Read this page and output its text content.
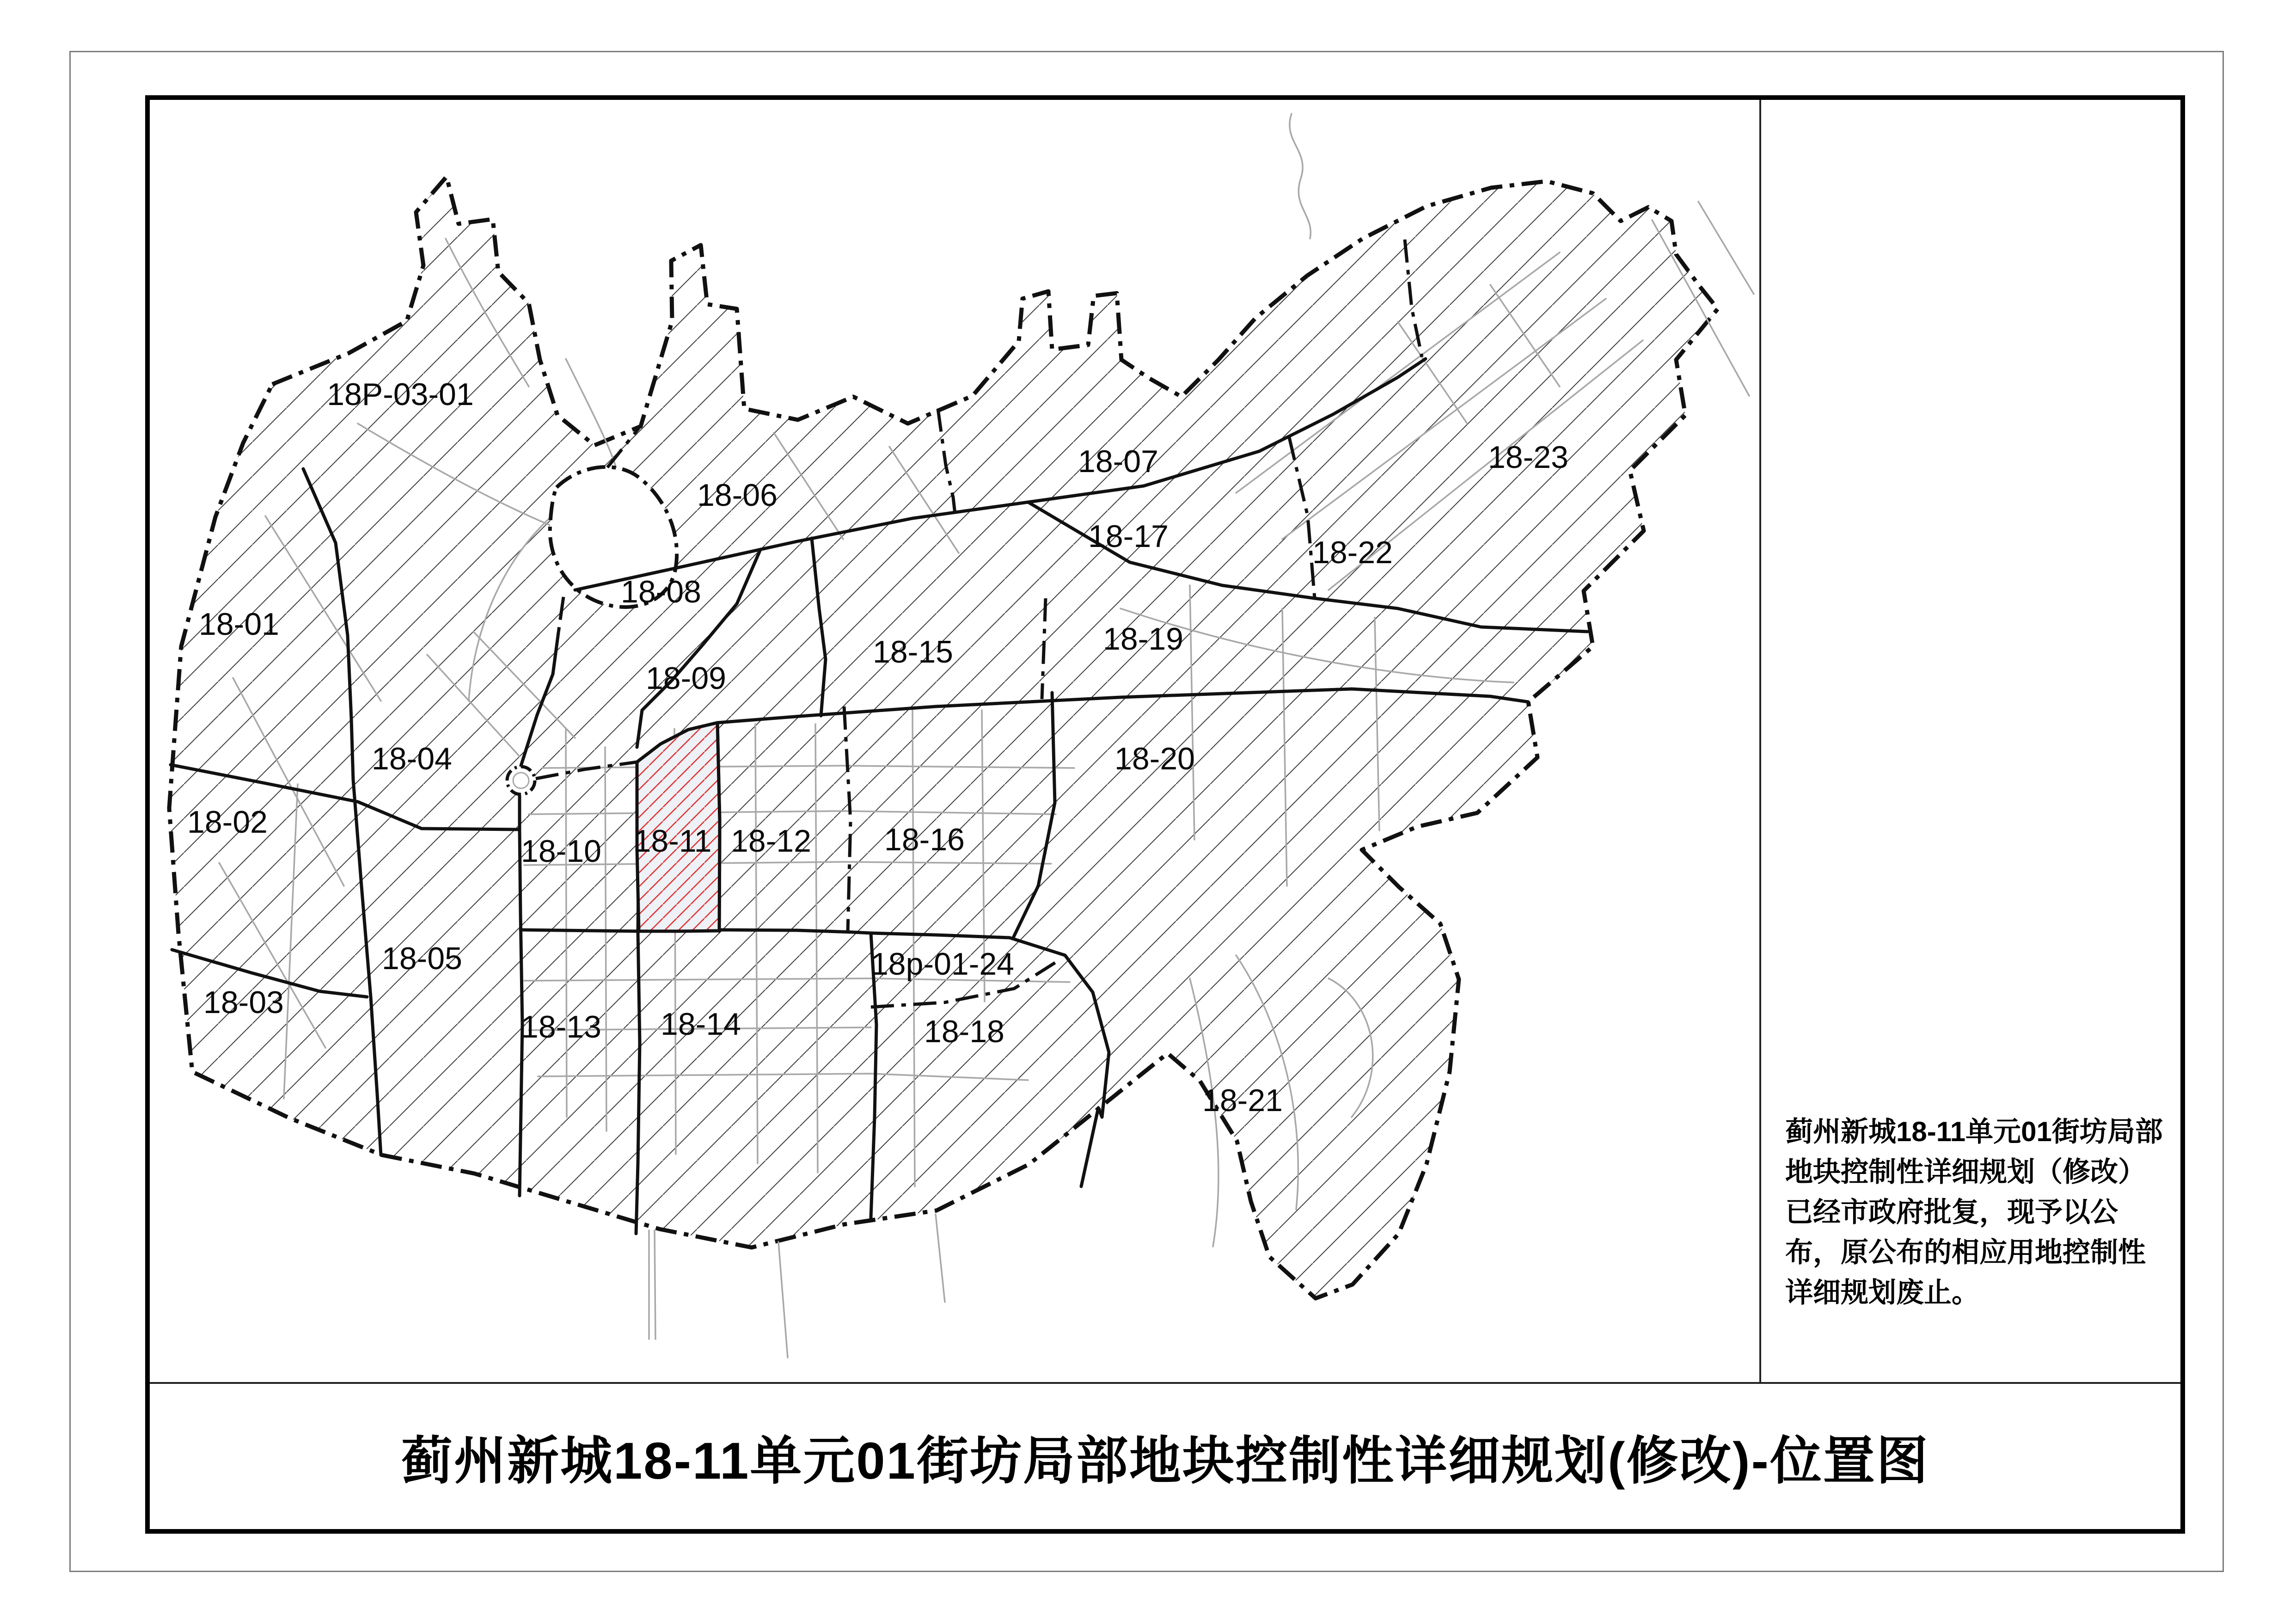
18P-03-01
18-01
18-02
18-03
18-04
18-05
18-06
18-07
18-08
18-09
18-10 18-11 18-12
18-13 18-14
18-15
18-16
18-17
18-18
18-19
18-20
18-21
18-22
18-23
18p-01-24
蓟州新城18-11单元01街坊局部地块控制性详细规划（修改）已经市政府批复，现予以公布，原公布的相应用地控制性详细规划废止。
蓟州新城18-11单元01街坊局部地块控制性详细规划(修改)-位置图
